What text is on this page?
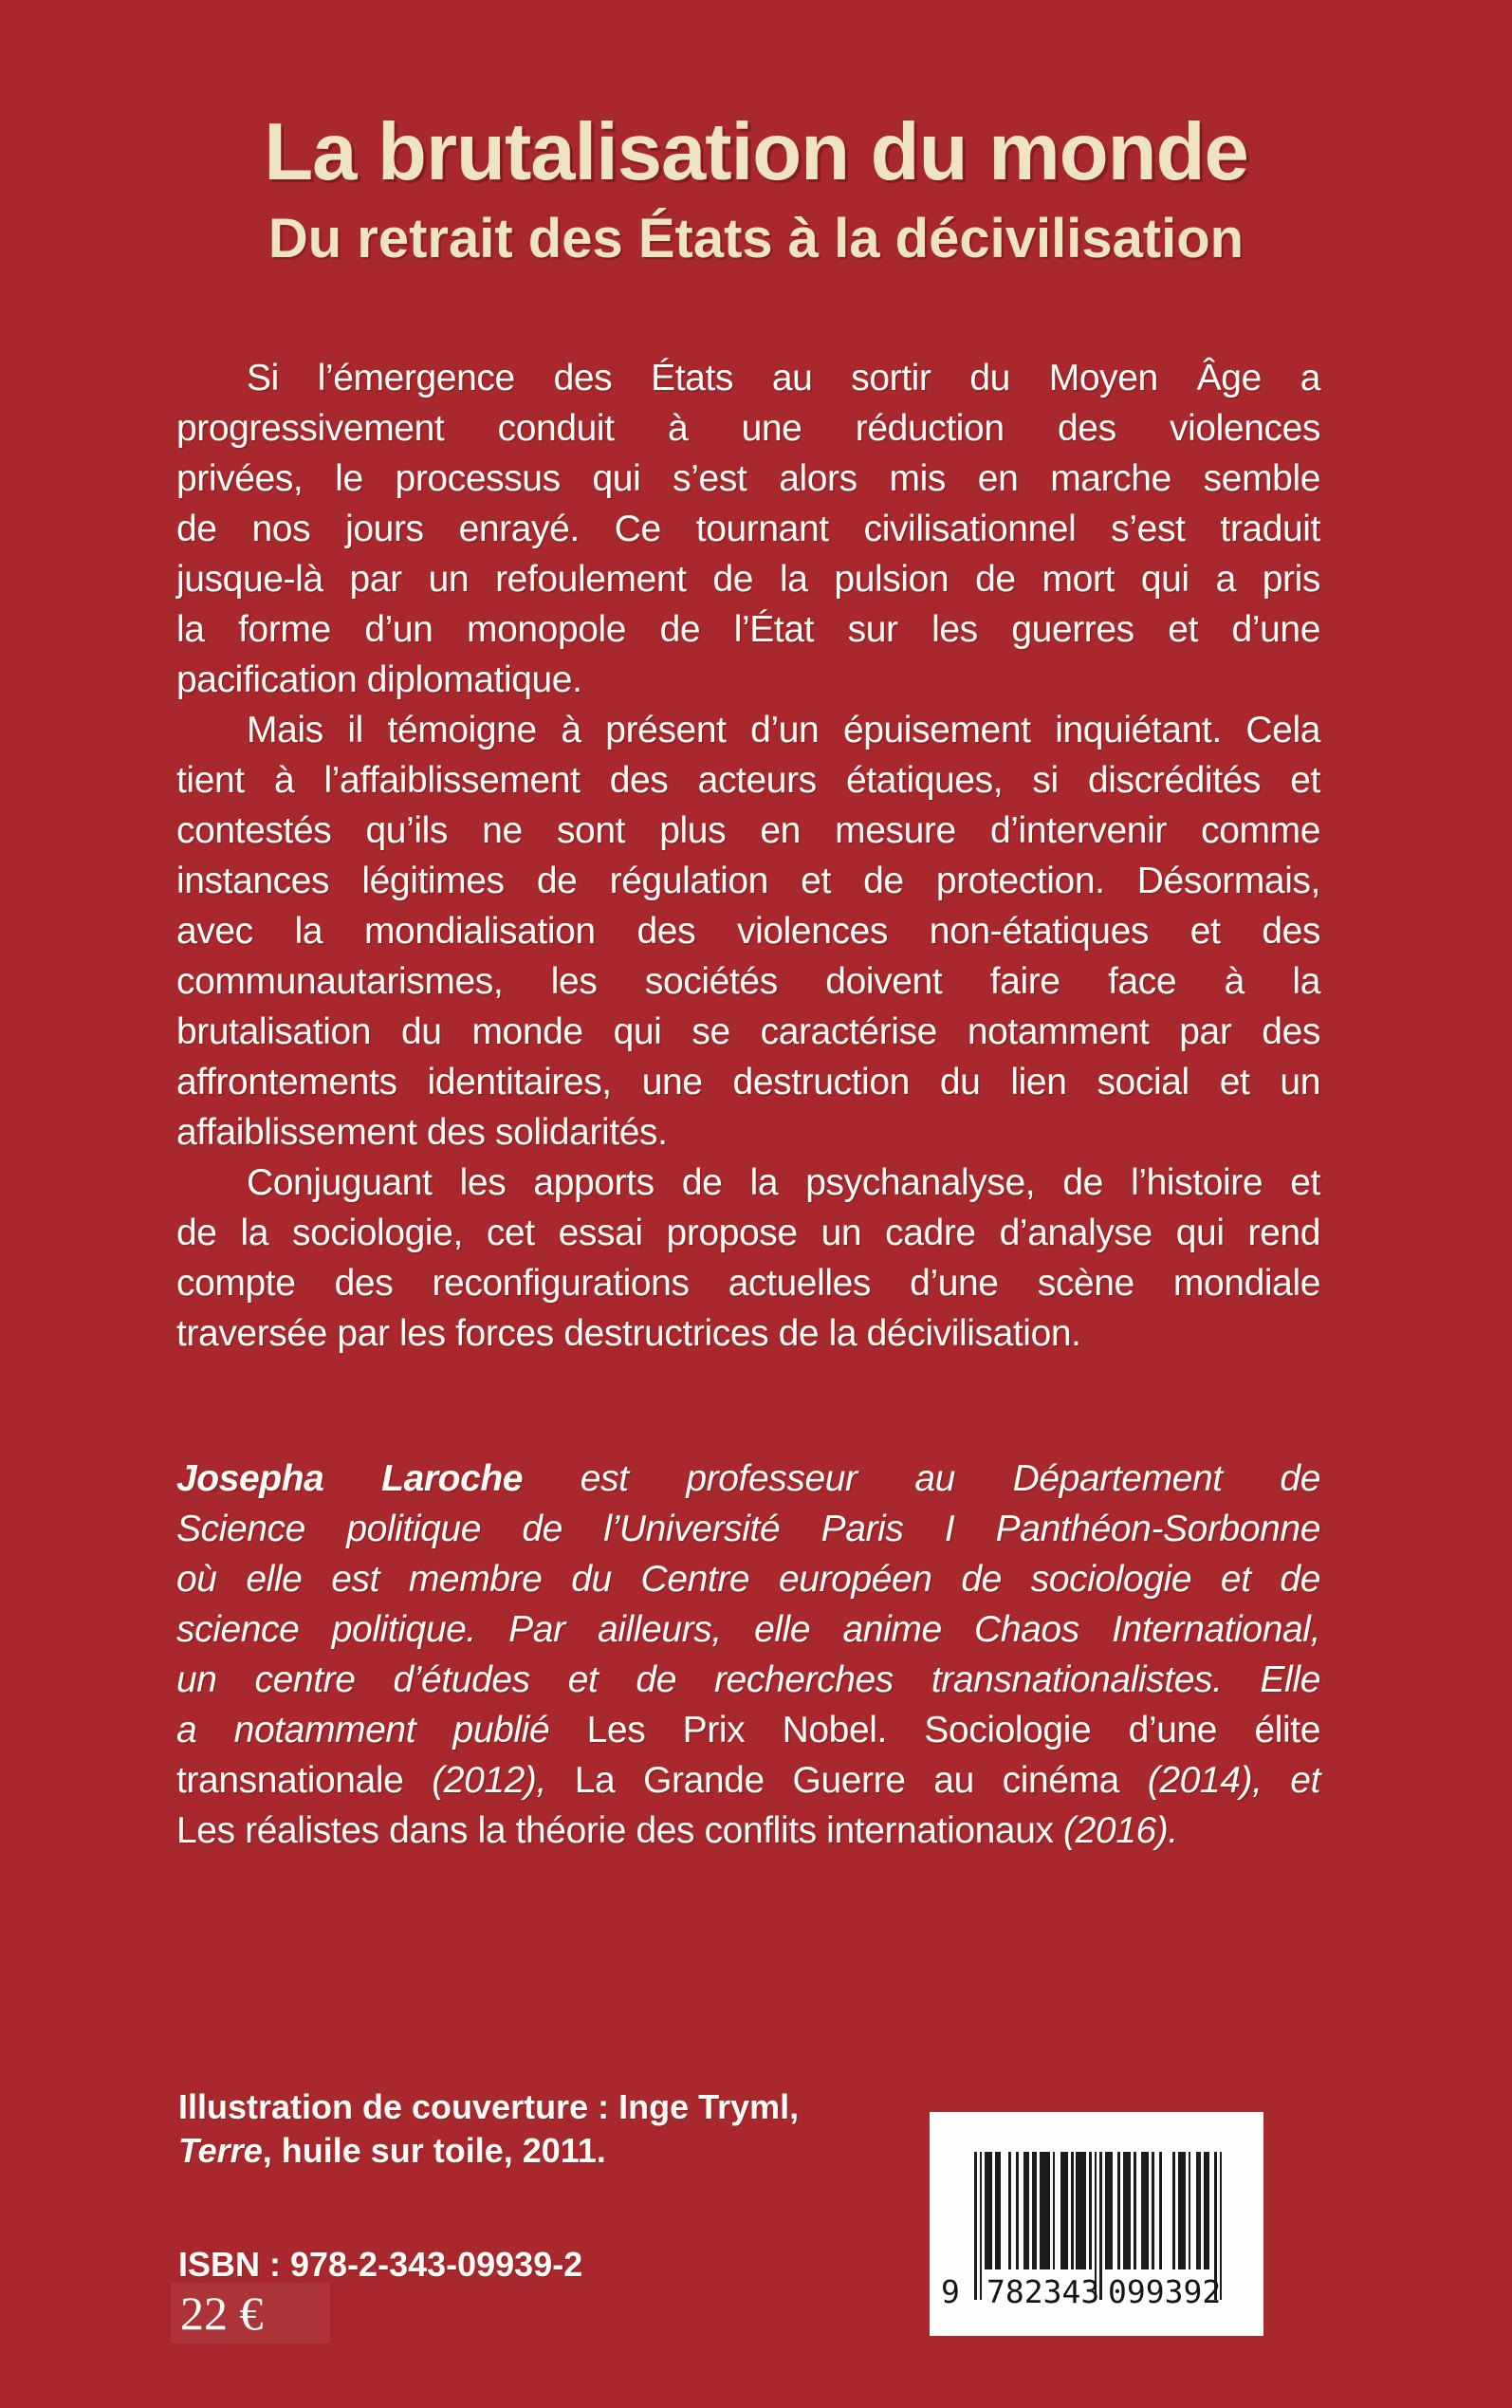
La brutalisation du monde
Du retrait des États à la décivilisation
Si l’émergence des États au sortir du Moyen Âge a
progressivement conduit à une réduction des violences
privées, le processus qui s’est alors mis en marche semble
de nos jours enrayé. Ce tournant civilisationnel s’est traduit
jusque-là par un refoulement de la pulsion de mort qui a pris
la forme d’un monopole de l’État sur les guerres et d’une
pacification diplomatique.
Mais il témoigne à présent d’un épuisement inquiétant. Cela
tient à l’affaiblissement des acteurs étatiques, si discrédités et
contestés qu’ils ne sont plus en mesure d’intervenir comme
instances légitimes de régulation et de protection. Désormais,
avec la mondialisation des violences non-étatiques et des
communautarismes, les sociétés doivent faire face à la
brutalisation du monde qui se caractérise notamment par des
affrontements identitaires, une destruction du lien social et un
affaiblissement des solidarités.
Conjuguant les apports de la psychanalyse, de l’histoire et
de la sociologie, cet essai propose un cadre d’analyse qui rend
compte des reconfigurations actuelles d’une scène mondiale
traversée par les forces destructrices de la décivilisation.
Josepha Laroche est professeur au Département de
Science politique de l’Université Paris I Panthéon-Sorbonne
où elle est membre du Centre européen de sociologie et de
science politique. Par ailleurs, elle anime Chaos International,
un centre d’études et de recherches transnationalistes. Elle
a notamment publié Les Prix Nobel. Sociologie d’une élite
transnationale (2012), La Grande Guerre au cinéma (2014), et
Les réalistes dans la théorie des conflits internationaux (2016).
Illustration de couverture : Inge Tryml,
Terre, huile sur toile, 2011.
ISBN : 978-2-343-09939-2
22 €	9 782343 099392
